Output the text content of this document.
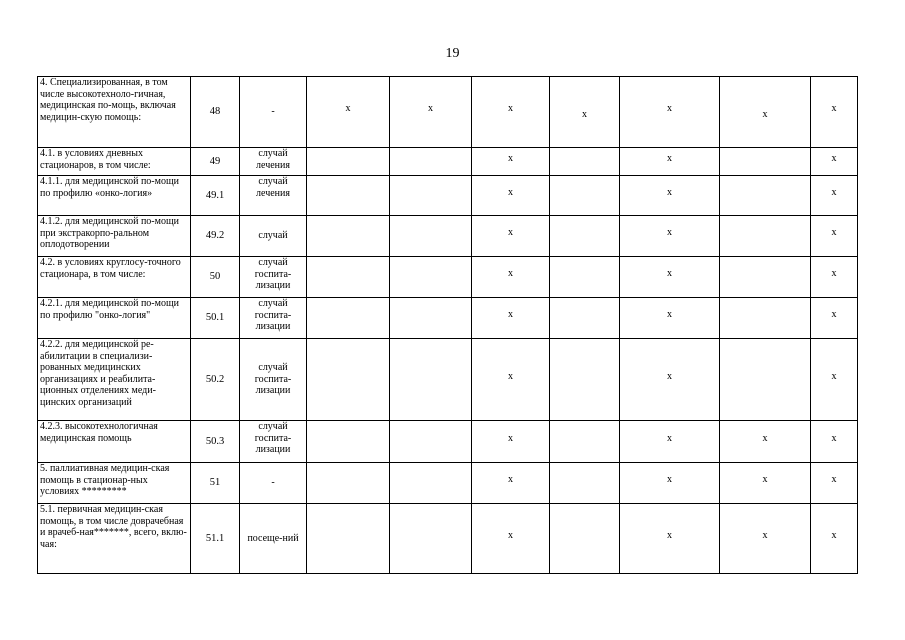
19
4. Специализированная, в том числе высокотехноло-гичная, медицинская по-мощь, включая медицин-скую помощь:	48	-	х	х	х	х	х	х	х
4.1. в условиях дневных стационаров, в том числе:	49	случай лечения			х		х		х
4.1.1. для медицинской по-мощи по профилю «онко-логия»	49.1	случай лечения			х		х		х
4.1.2. для медицинской по-мощи при экстракорпо-ральном оплодотворении	49.2	случай			х		х		х
4.2. в условиях круглосу-точного стационара, в том числе:	50	случай госпита-лизации			х		х		х
4.2.1. для медицинской по-мощи по профилю "онко-логия"	50.1	случай госпита-лизации			х		х		х
4.2.2. для медицинской ре-абилитации в специализи-рованных медицинских организациях и реабилита-ционных отделениях меди-цинских организаций	50.2	случай госпита-лизации			х		х		х
4.2.3. высокотехнологичная медицинская помощь	50.3	случай госпита-лизации			х		х	х	х
5. паллиативная медицин-ская помощь в стационар-ных условиях *********	51	-			х		х	х	х
5.1. первичная медицин-ская помощь, в том числе доврачебная и врачеб-ная*******, всего, вклю-чая:	51.1	посеще-ний			х		х	х	х
